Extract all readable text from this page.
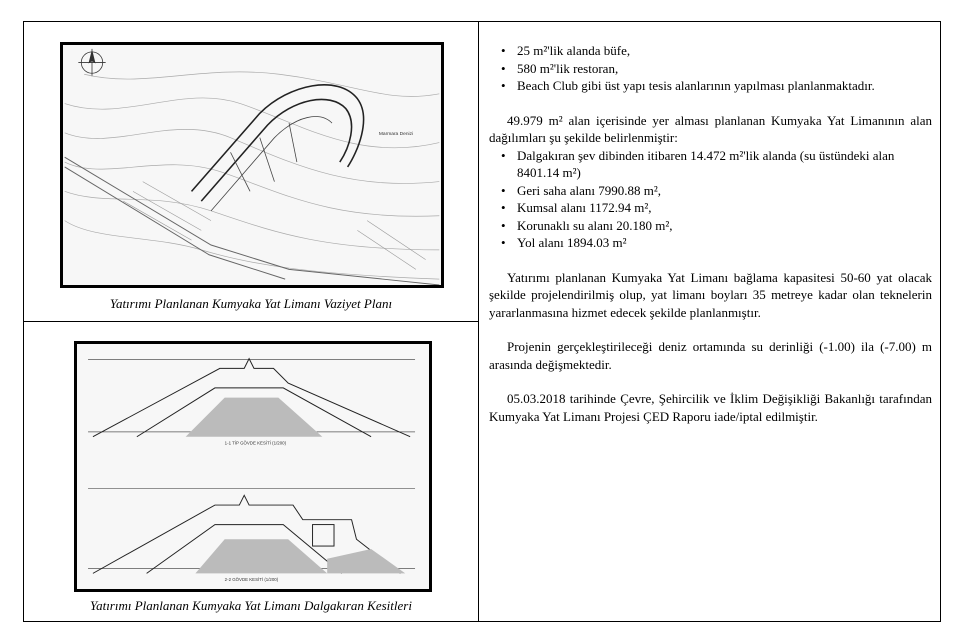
Marmara Denizi
Yatırımı Planlanan Kumyaka Yat Limanı Vaziyet Planı
1-1 TİP GÖVDE KESİTİ (1/200)
2-2 GÖVDE KESİTİ (1/200)
Yatırımı Planlanan Kumyaka Yat Limanı Dalgakıran Kesitleri
• 25 m²'lik alanda büfe,
• 580 m²'lik restoran,
• Beach Club gibi üst yapı tesis alanlarının yapılması planlanmaktadır.

49.979 m² alan içerisinde yer alması planlanan Kumyaka Yat Limanının alan dağılımları şu şekilde belirlenmiştir:

• Dalgakıran şev dibinden itibaren 14.472 m²'lik alanda (su üstündeki alan 8401.14 m²)
• Geri saha alanı 7990.88 m²,
• Kumsal alanı 1172.94 m²,
• Korunaklı su alanı 20.180 m²,
• Yol alanı 1894.03 m²

Yatırımı planlanan Kumyaka Yat Limanı bağlama kapasitesi 50-60 yat olacak şekilde projelendirilmiş olup, yat limanı boyları 35 metreye kadar olan teknelerin yararlanmasına hizmet edecek şekilde planlanmıştır.

Projenin gerçekleştirileceği deniz ortamında su derinliği (-1.00) ila (-7.00) m arasında değişmektedir.

05.03.2018 tarihinde Çevre, Şehircilik ve İklim Değişikliği Bakanlığı tarafından Kumyaka Yat Limanı Projesi ÇED Raporu iade/iptal edilmiştir.
